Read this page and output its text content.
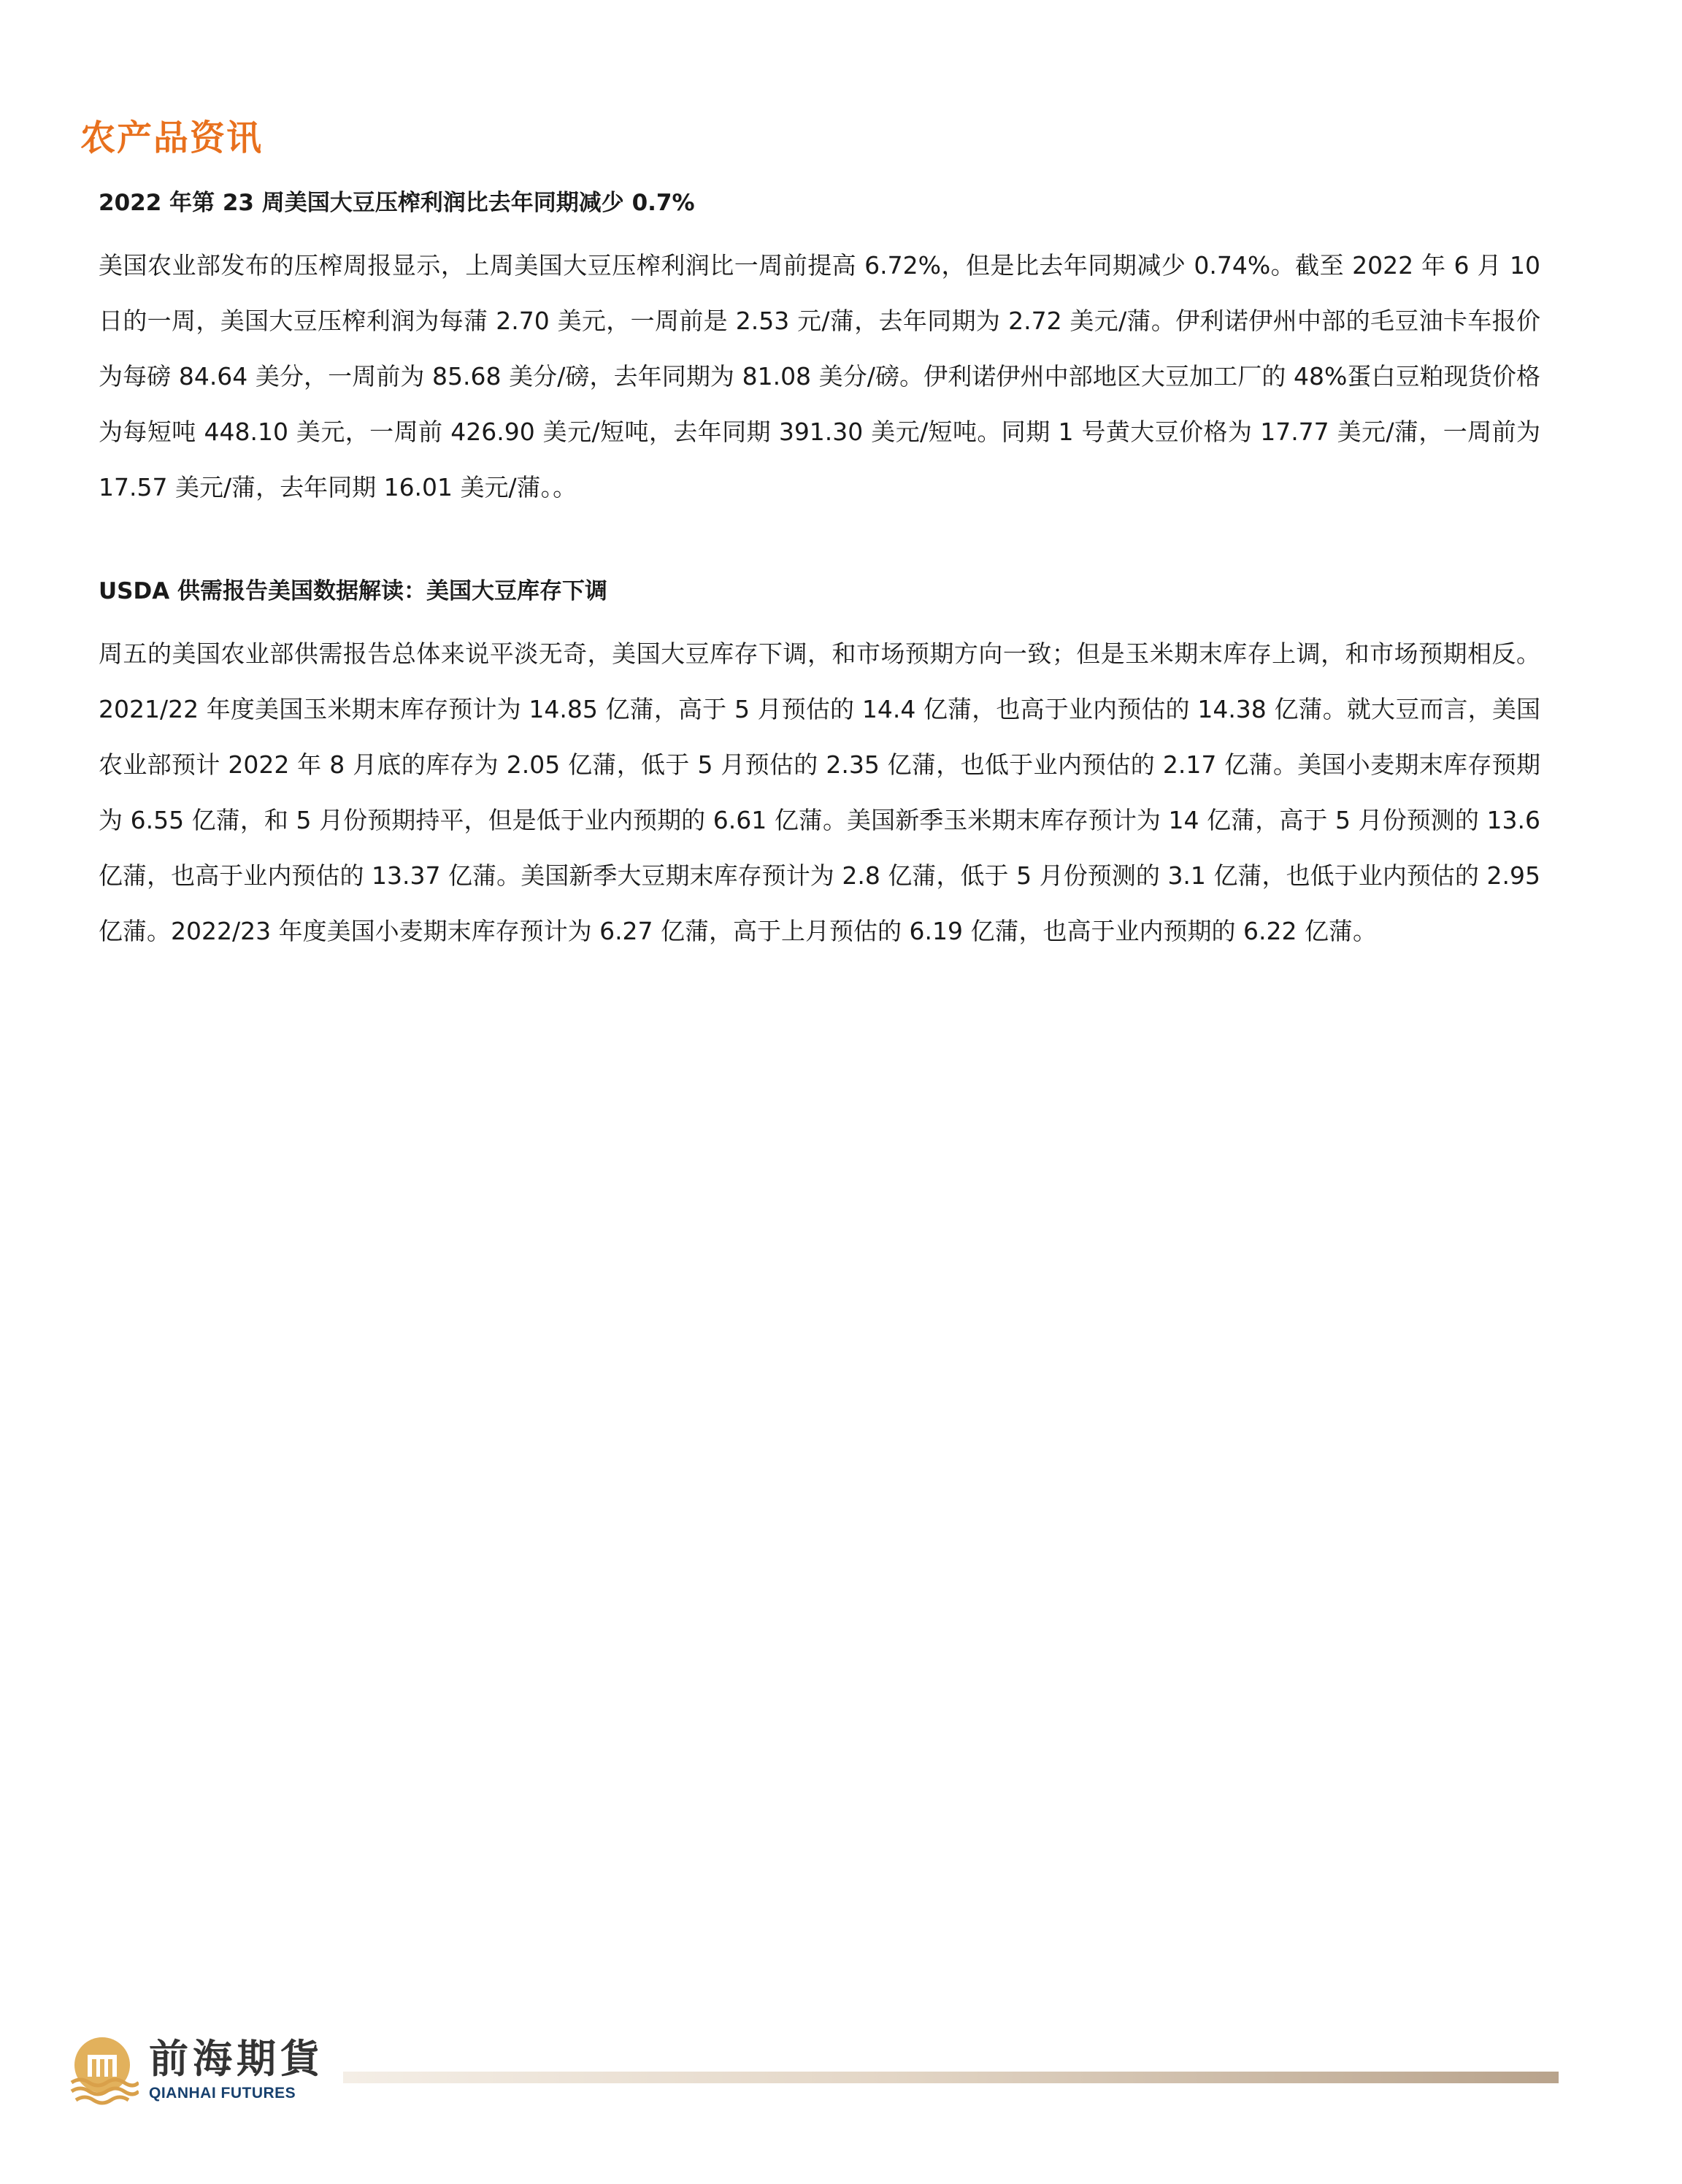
农产品资讯
2022 年第 23 周美国大豆压榨利润比去年同期减少 0.7%

美国农业部发布的压榨周报显示，上周美国大豆压榨利润比一周前提高 6.72%，但是比去年同期减少 0.74%。截至 2022 年 6 月 10 日的一周，美国大豆压榨利润为每蒲 2.70 美元，一周前是 2.53 元/蒲，去年同期为 2.72 美元/蒲。伊利诺伊州中部的毛豆油卡车报价为每磅 84.64 美分，一周前为 85.68 美分/磅，去年同期为 81.08 美分/磅。伊利诺伊州中部地区大豆加工厂的 48%蛋白豆粕现货价格为每短吨 448.10 美元，一周前 426.90 美元/短吨，去年同期 391.30 美元/短吨。同期 1 号黄大豆价格为 17.77 美元/蒲，一周前为 17.57 美元/蒲，去年同期 16.01 美元/蒲。。

USDA 供需报告美国数据解读：美国大豆库存下调

周五的美国农业部供需报告总体来说平淡无奇，美国大豆库存下调，和市场预期方向一致；但是玉米期末库存上调，和市场预期相反。2021/22 年度美国玉米期末库存预计为 14.85 亿蒲，高于 5 月预估的 14.4 亿蒲，也高于业内预估的 14.38 亿蒲。就大豆而言，美国农业部预计 2022 年 8 月底的库存为 2.05 亿蒲，低于 5 月预估的 2.35 亿蒲，也低于业内预估的 2.17 亿蒲。美国小麦期末库存预期为 6.55 亿蒲，和 5 月份预期持平，但是低于业内预期的 6.61 亿蒲。美国新季玉米期末库存预计为 14 亿蒲，高于 5 月份预测的 13.6 亿蒲，也高于业内预估的 13.37 亿蒲。美国新季大豆期末库存预计为 2.8 亿蒲，低于 5 月份预测的 3.1 亿蒲，也低于业内预估的 2.95 亿蒲。2022/23 年度美国小麦期末库存预计为 6.27 亿蒲，高于上月预估的 6.19 亿蒲，也高于业内预期的 6.22 亿蒲。

前海期貨
QIANHAI FUTURES
